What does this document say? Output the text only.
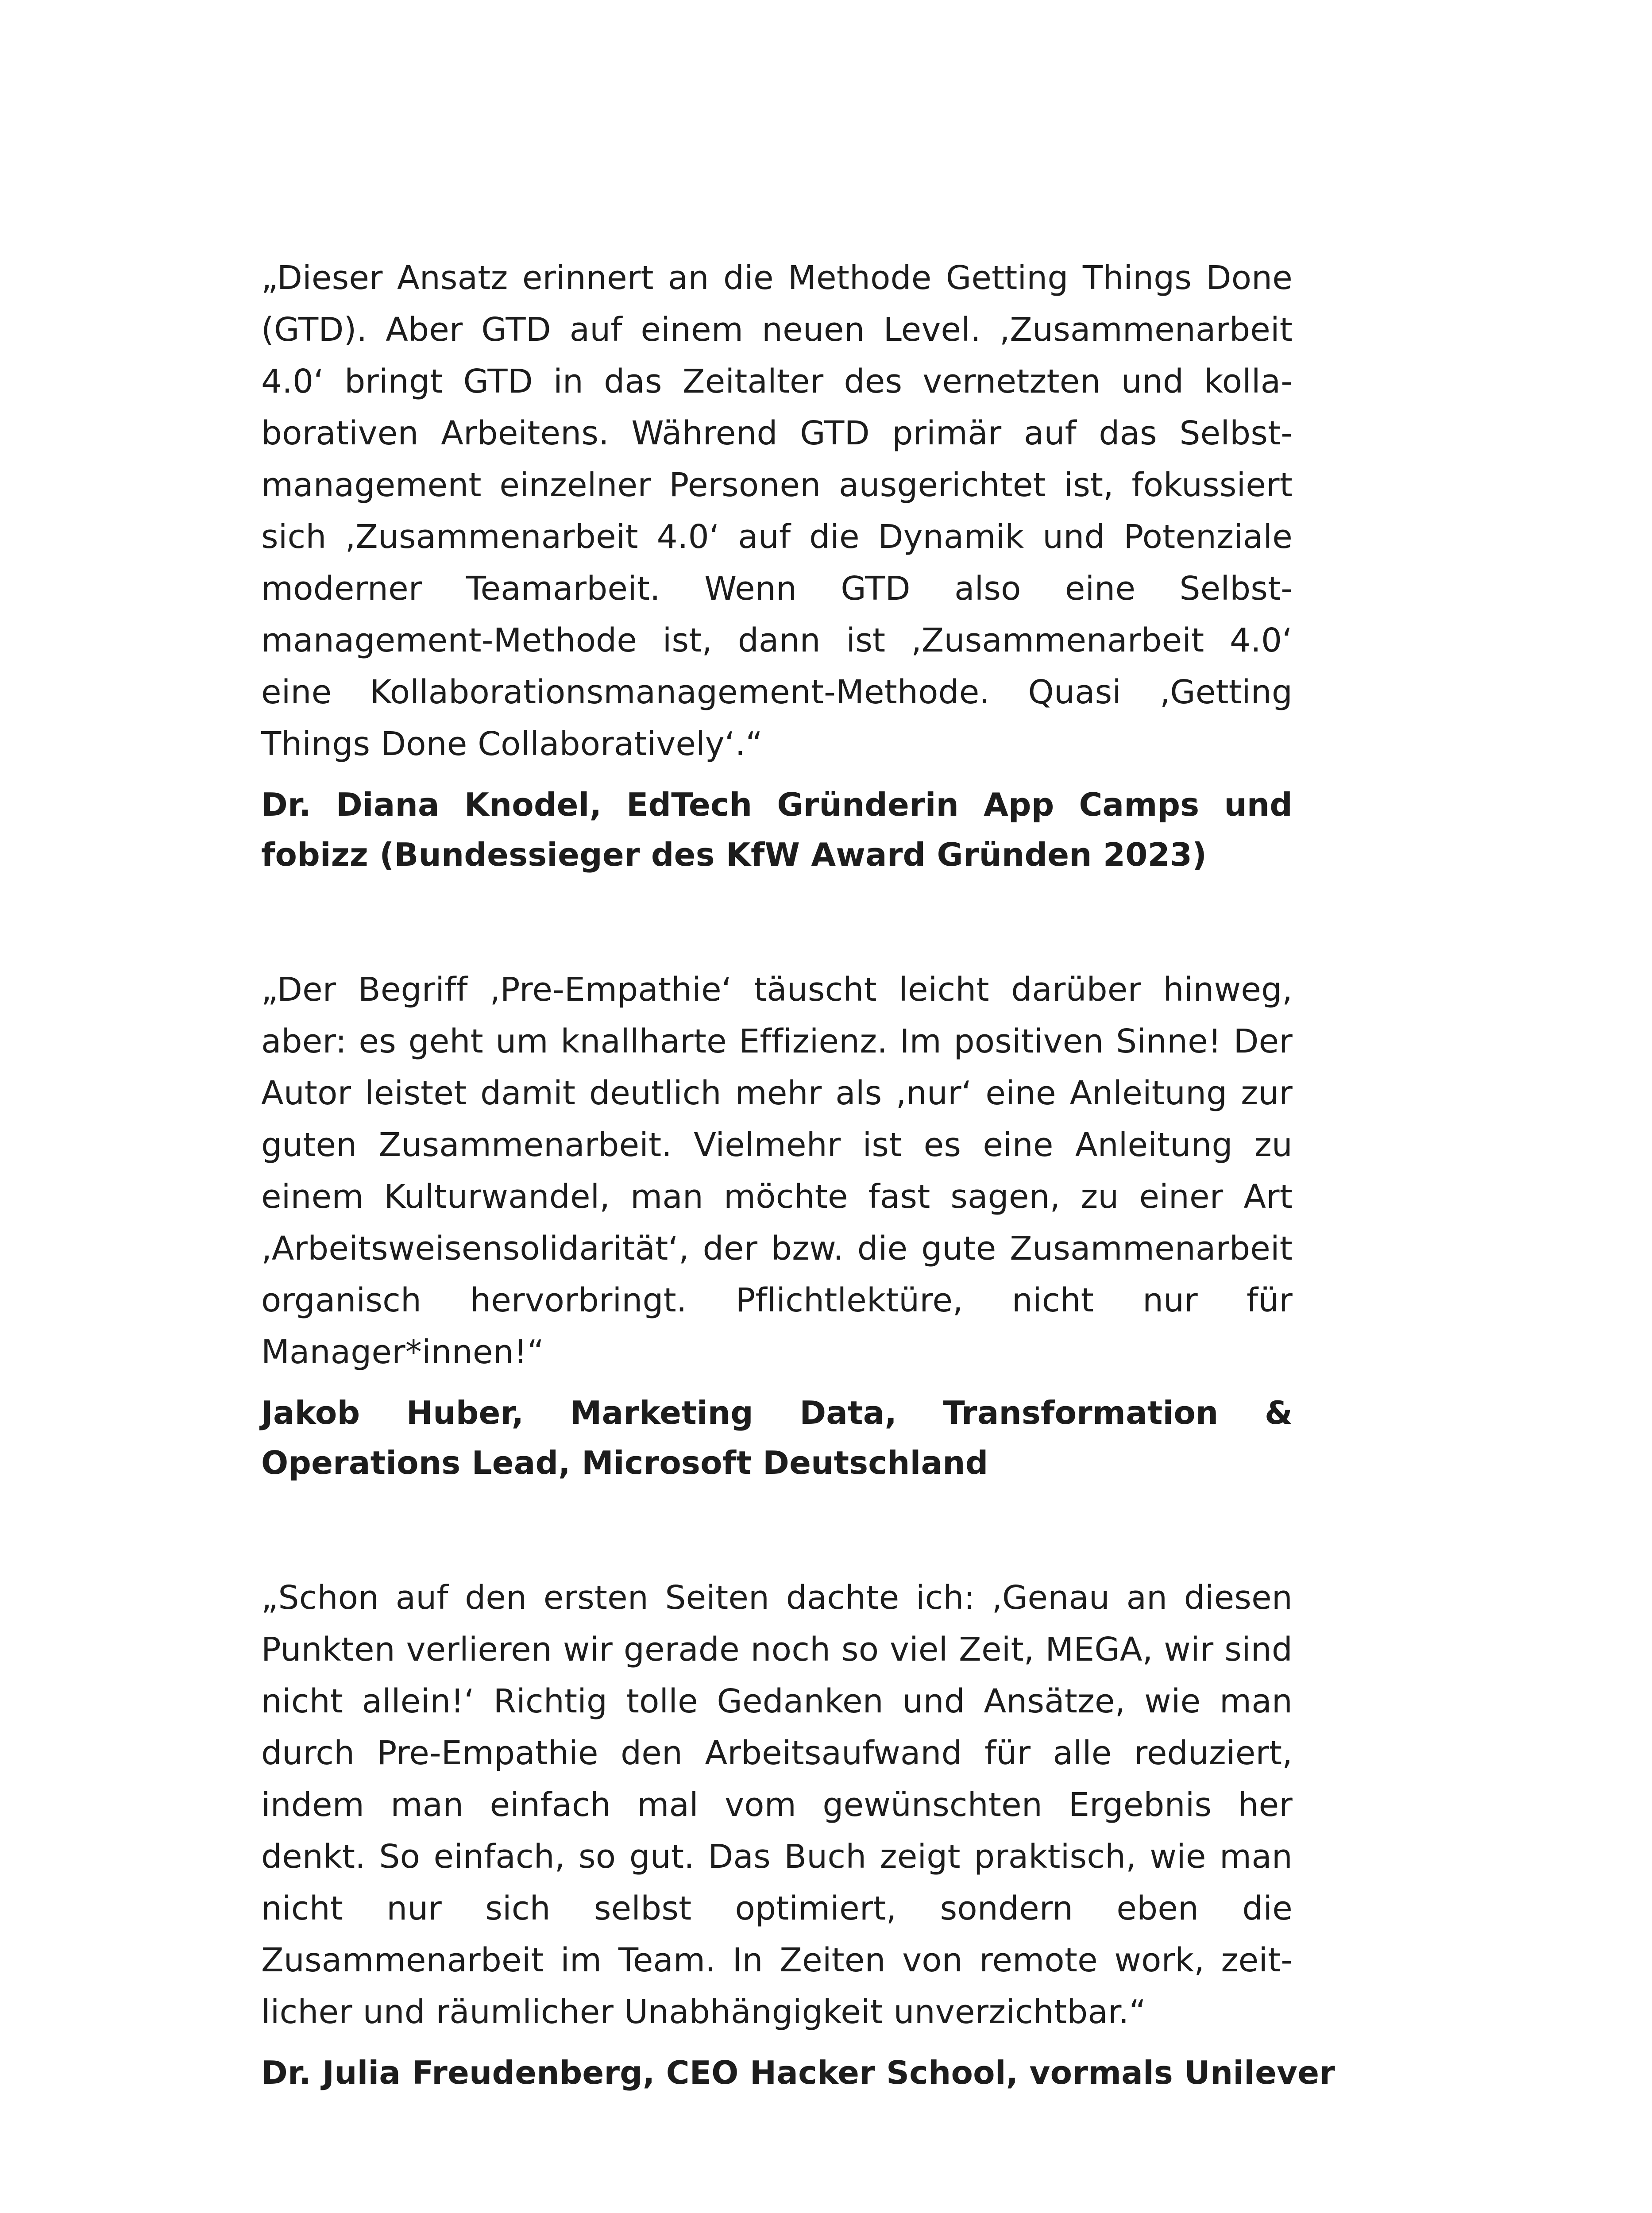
„Dieser Ansatz erinnert an die Methode Getting Things Done (GTD). Aber GTD auf einem neuen Level. ‚Zusammenarbeit 4.0‘ bringt GTD in das Zeitalter des vernetzten und kollaborativen Arbeitens. Während GTD primär auf das Selbstmanagement einzelner Personen ausgerichtet ist, fokussiert sich ‚Zusammenarbeit 4.0‘ auf die Dynamik und Potenziale moderner Teamarbeit. Wenn GTD also eine Selbstmanagement-Methode ist, dann ist ‚Zusammenarbeit 4.0‘ eine Kollaborationsmanagement-Methode. Quasi ‚Getting Things Done Collaboratively‘.“

Dr. Diana Knodel, EdTech Gründerin App Camps und fobizz (Bundessieger des KfW Award Gründen 2023)

„Der Begriff ‚Pre-Empathie‘ täuscht leicht darüber hinweg, aber: es geht um knallharte Effizienz. Im positiven Sinne! Der Autor leistet damit deutlich mehr als ‚nur‘ eine Anleitung zur guten Zusammenarbeit. Vielmehr ist es eine Anleitung zu einem Kulturwandel, man möchte fast sagen, zu einer Art ‚Arbeitsweisensolidarität‘, der bzw. die gute Zusammenarbeit organisch hervorbringt. Pflichtlektüre, nicht nur für Manager*innen!“

Jakob Huber, Marketing Data, Transformation & Operations Lead, Microsoft Deutschland

„Schon auf den ersten Seiten dachte ich: ‚Genau an diesen Punkten verlieren wir gerade noch so viel Zeit, MEGA, wir sind nicht allein!‘ Richtig tolle Gedanken und Ansätze, wie man durch Pre-Empathie den Arbeitsaufwand für alle reduziert, indem man einfach mal vom gewünschten Ergebnis her denkt. So einfach, so gut. Das Buch zeigt praktisch, wie man nicht nur sich selbst optimiert, sondern eben die Zusammenarbeit im Team. In Zeiten von remote work, zeitlicher und räumlicher Unabhängigkeit unverzichtbar.“

Dr. Julia Freudenberg, CEO Hacker School, vormals Unilever
